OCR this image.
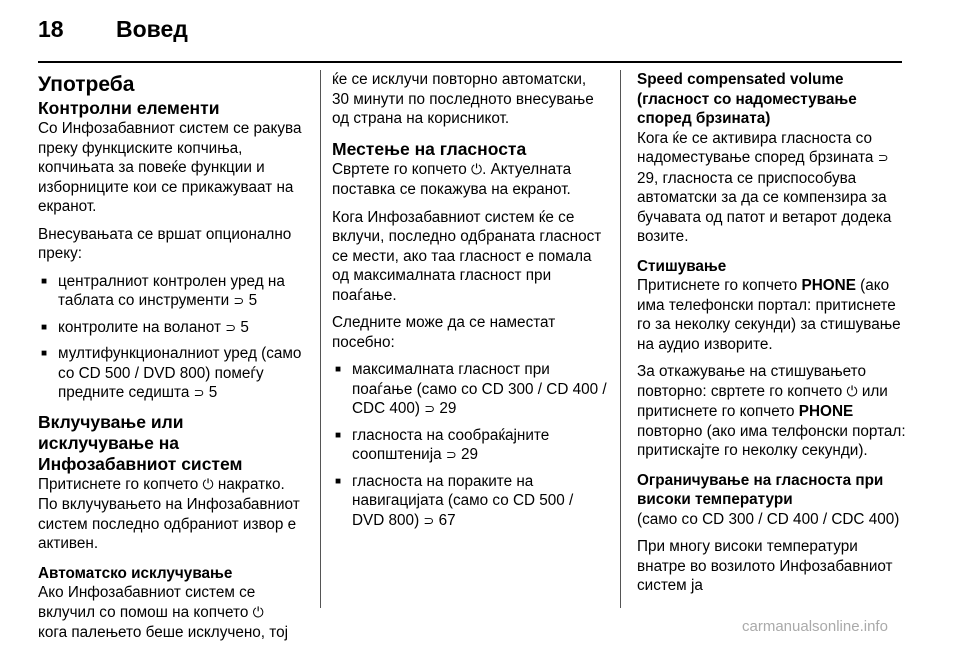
18 Вовед
Употреба
Контролни елементи

Со Инфозабавниот систем се ракува преку функциските копчиња, копчињата за повеќе функции и изборниците кои се прикажуваат на екранот.

Внесувањата се вршат опционално преку:

■ централниот контролен уред на таблата со инструменти ⊃ 5
■ контролите на воланот ⊃ 5
■ мултифункционалниот уред (само со CD 500 / DVD 800) помеѓу предните седишта ⊃ 5
Вклучување или исклучување на Инфозабавниот систем

Притиснете го копчето ⏻ накратко. По вклучувањето на Инфозабавниот систем последно одбраниот извор е активен.

Автоматско исклучување

Ако Инфозабавниот систем се вклучил со помош на копчето ⏻
кога палењето беше исклучено, тој

ќе се исклучи повторно автоматски, 30 минути по последното внесување од страна на корисникот.

Местење на гласноста

Свртете го копчето ⏻. Актуелната поставка се покажува на екранот.

Кога Инфозабавниот систем ќе се вклучи, последно одбраната гласност се мести, ако таа гласност е помала од максималната гласност при поаѓање.

Следните може да се наместат посебно:

■ максималната гласност при поаѓање (само со CD 300 / CD 400 / CDC 400) ⊃ 29
■ гласноста на сообраќајните соопштенија ⊃ 29
■ гласноста на пораките на навигацијата (само со CD 500 / DVD 800) ⊃ 67
Speed compensated volume (гласност со надоместување според брзината)

Кога ќе се активира гласноста со надоместување според брзината ⊃ 29, гласноста се приспособува автоматски за да се компензира за бучавата од патот и ветарот додека возите.

Стишување

Притиснете го копчето PHONE (ако има телефонски портал: притиснете го за неколку секунди) за стишување на аудио изворите.

За откажување на стишувањето повторно: свртете го копчето ⏻ или притиснете го копчето PHONE повторно (ако има телфонски портал: притискајте го неколку секунди).

Ограничување на гласноста при високи температури

(само со CD 300 / CD 400 / CDC 400)

При многу високи температури внатре во возилото Инфозабавниот систем ја

carmanualsonline.info
